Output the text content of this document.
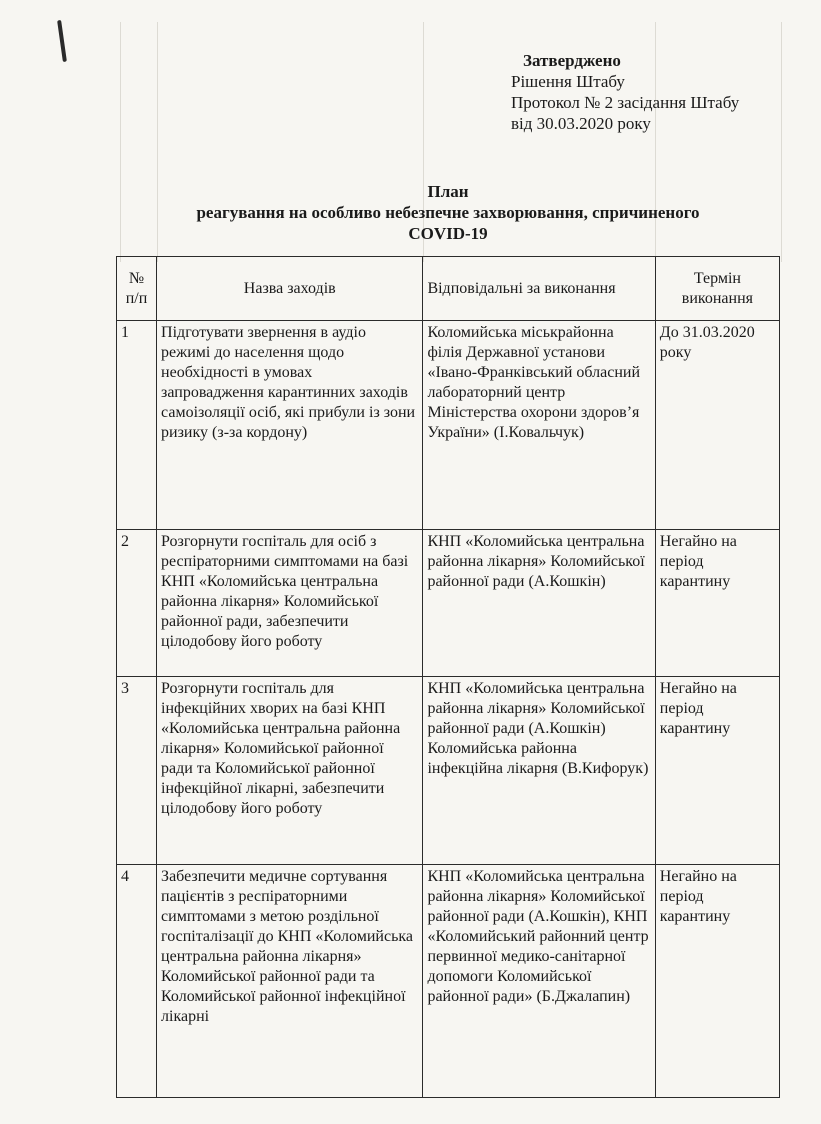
Затверджено
Рішення Штабу
Протокол № 2 засідання Штабу
від 30.03.2020 року
План
реагування на особливо небезпечне захворювання, спричиненого
COVID-19
№ п/п	Назва заходів	Відповідальні за виконання	Термін виконання
1	Підготувати звернення в аудіо режимі до населення щодо необхідності в умовах запровадження карантинних заходів самоізоляції осіб, які прибули із зони ризику (з-за кордону)	Коломийська міськрайонна філія Державної установи «Івано-Франківський обласний лабораторний центр Міністерства охорони здоров’я України» (І.Ковальчук)	До 31.03.2020 року
2	Розгорнути госпіталь для осіб з респіраторними симптомами на базі КНП «Коломийська центральна районна лікарня» Коломийської районної ради, забезпечити цілодобову його роботу	КНП «Коломийська центральна районна лікарня» Коломийської районної ради (А.Кошкін)	Негайно на період карантину
3	Розгорнути госпіталь для інфекційних хворих на базі КНП «Коломийська центральна районна лікарня» Коломийської районної ради та Коломийської районної інфекційної лікарні, забезпечити цілодобову його роботу	КНП «Коломийська центральна районна лікарня» Коломийської районної ради (А.Кошкін) Коломийська районна інфекційна лікарня (В.Кифорук)	Негайно на період карантину
4	Забезпечити медичне сортування пацієнтів з респіраторними симптомами з метою роздільної госпіталізації до КНП «Коломийська центральна районна лікарня» Коломийської районної ради та Коломийської районної інфекційної лікарні	КНП «Коломийська центральна районна лікарня» Коломийської районної ради (А.Кошкін), КНП «Коломийський районний центр первинної медико-санітарної допомоги Коломийської районної ради» (Б.Джалапин)	Негайно на період карантину
